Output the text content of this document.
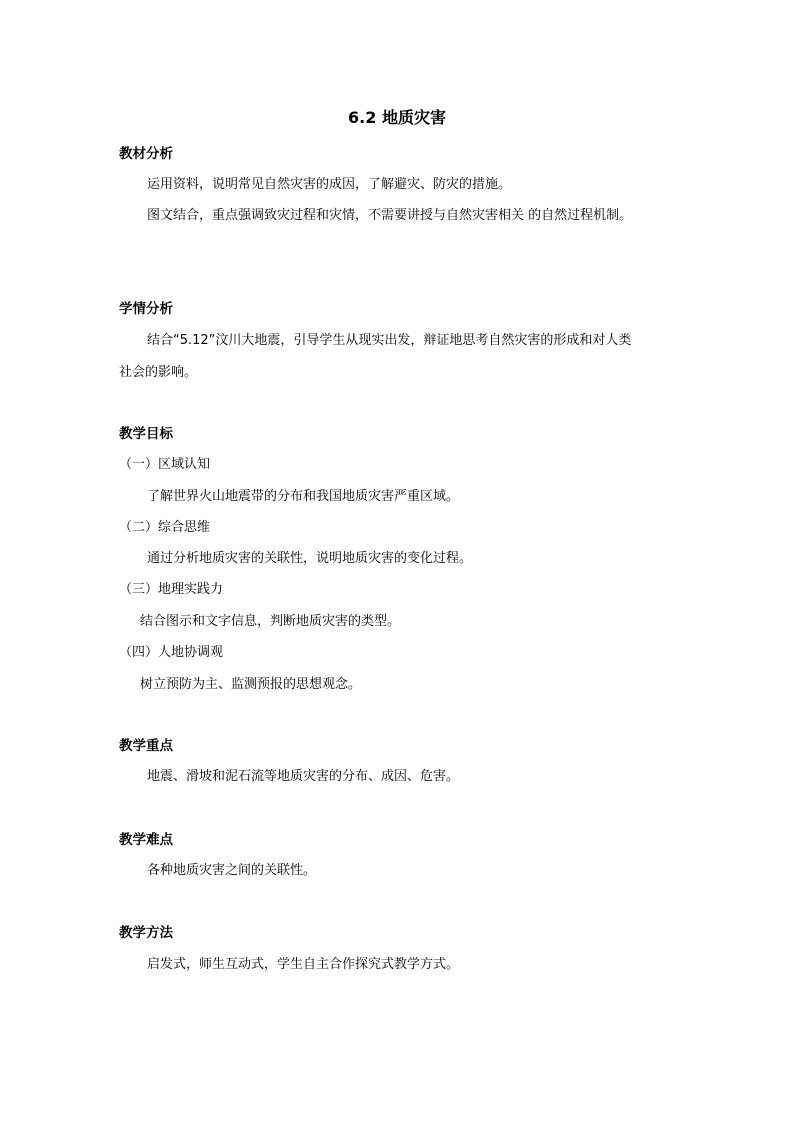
6.2 地质灾害
教材分析
运用资料，说明常见自然灾害的成因，了解避灾、防灾的措施。
图文结合，重点强调致灾过程和灾情，不需要讲授与自然灾害相关 的自然过程机制。
学情分析
结合“5.12”汶川大地震，引导学生从现实出发，辩证地思考自然灾害的形成和对人类
社会的影响。
教学目标
（一）区域认知
了解世界火山地震带的分布和我国地质灾害严重区域。
（二）综合思维
通过分析地质灾害的关联性，说明地质灾害的变化过程。
（三）地理实践力
结合图示和文字信息，判断地质灾害的类型。
（四）人地协调观
树立预防为主、监测预报的思想观念。
教学重点
地震、滑坡和泥石流等地质灾害的分布、成因、危害。
教学难点
各种地质灾害之间的关联性。
教学方法
启发式，师生互动式，学生自主合作探究式教学方式。
